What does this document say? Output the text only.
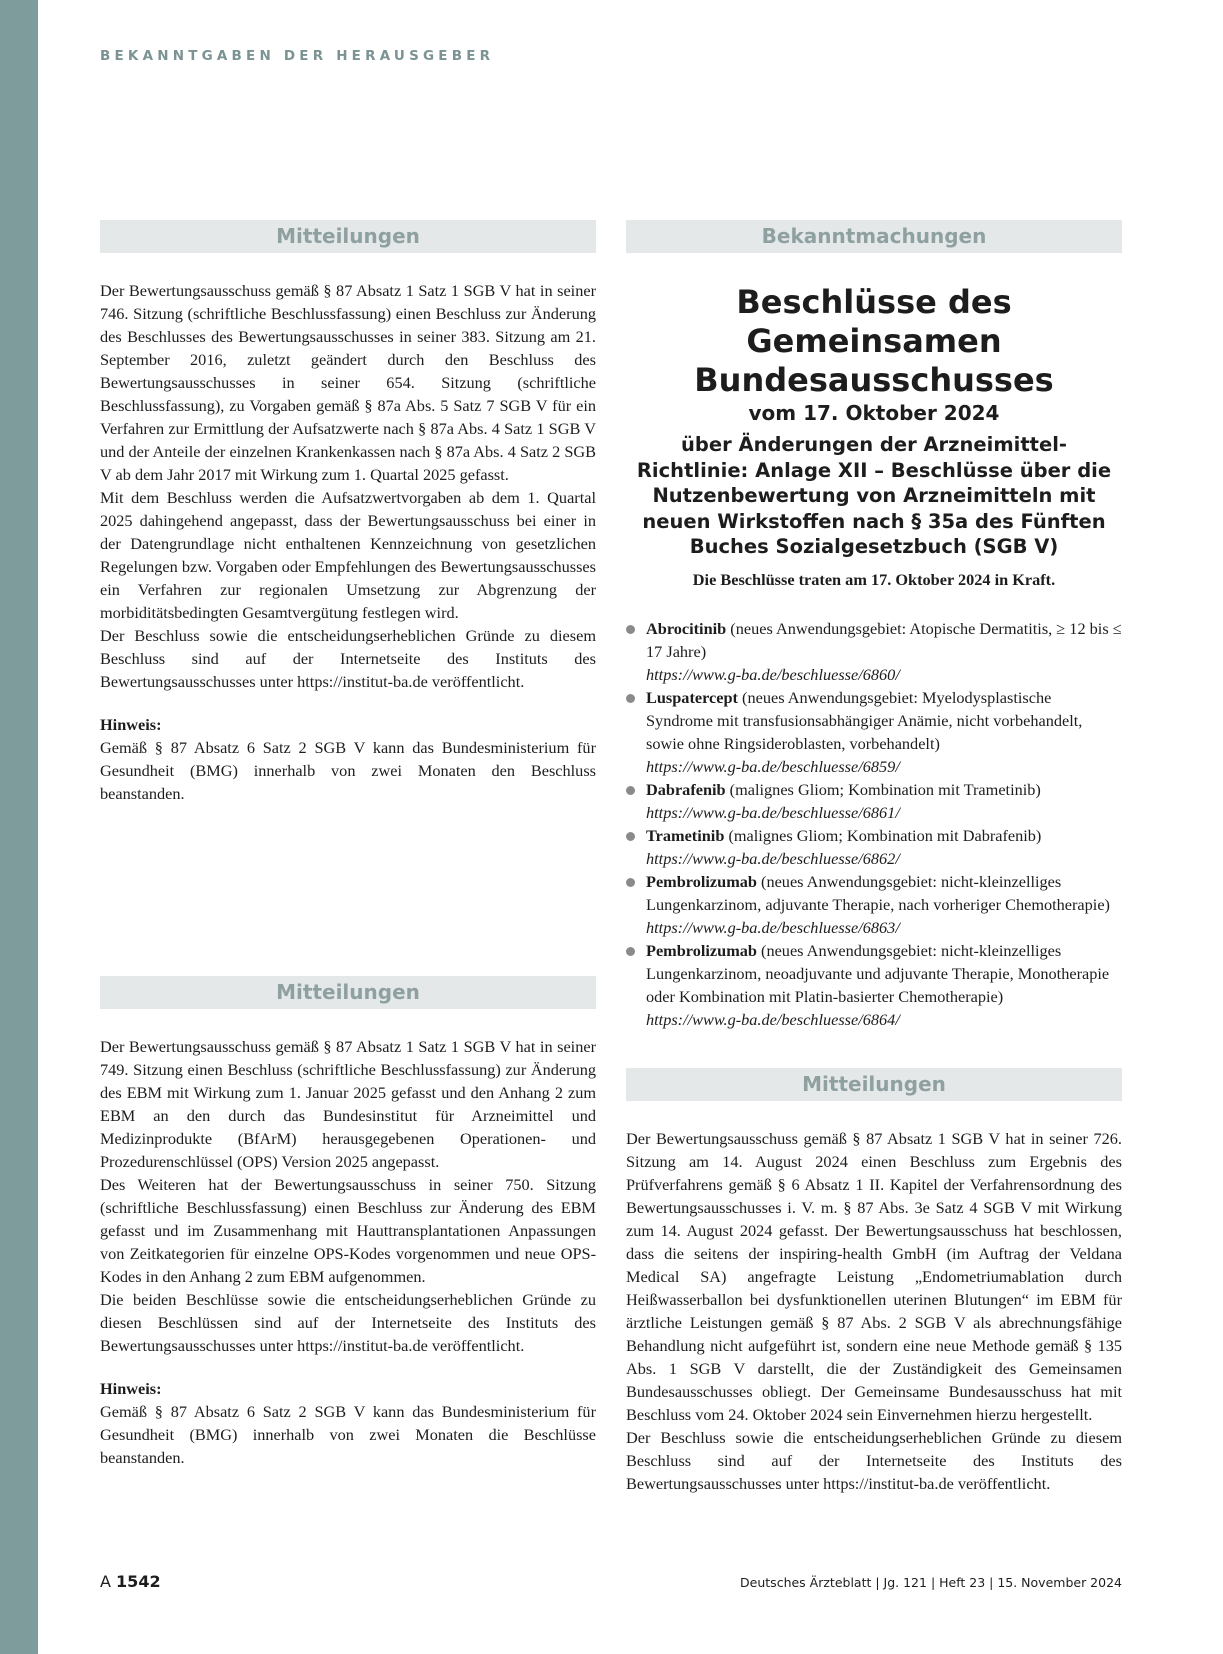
BEKANNTGABEN DER HERAUSGEBER
Mitteilungen

Der Bewertungsausschuss gemäß § 87 Absatz 1 Satz 1 SGB V hat in seiner 746. Sitzung (schriftliche Beschlussfassung) einen Beschluss zur Änderung des Beschlusses des Bewertungsausschusses in seiner 383. Sitzung am 21. September 2016, zuletzt geändert durch den Beschluss des Bewertungsausschusses in seiner 654. Sitzung (schriftliche Beschlussfassung), zu Vorgaben gemäß § 87a Abs. 5 Satz 7 SGB V für ein Verfahren zur Ermittlung der Aufsatzwerte nach § 87a Abs. 4 Satz 1 SGB V und der Anteile der einzelnen Krankenkassen nach § 87a Abs. 4 Satz 2 SGB V ab dem Jahr 2017 mit Wirkung zum 1. Quartal 2025 gefasst.

Mit dem Beschluss werden die Aufsatzwertvorgaben ab dem 1. Quartal 2025 dahingehend angepasst, dass der Bewertungsausschuss bei einer in der Datengrundlage nicht enthaltenen Kennzeichnung von gesetzlichen Regelungen bzw. Vorgaben oder Empfehlungen des Bewertungsausschusses ein Verfahren zur regionalen Umsetzung zur Abgrenzung der morbiditätsbedingten Gesamtvergütung festlegen wird.

Der Beschluss sowie die entscheidungserheblichen Gründe zu diesem Beschluss sind auf der Internetseite des Instituts des Bewertungsausschusses unter https://institut-ba.de veröffentlicht.

Hinweis:

Gemäß § 87 Absatz 6 Satz 2 SGB V kann das Bundesministerium für Gesundheit (BMG) innerhalb von zwei Monaten den Beschluss beanstanden.

Mitteilungen

Der Bewertungsausschuss gemäß § 87 Absatz 1 Satz 1 SGB V hat in seiner 749. Sitzung einen Beschluss (schriftliche Beschlussfassung) zur Änderung des EBM mit Wirkung zum 1. Januar 2025 gefasst und den Anhang 2 zum EBM an den durch das Bundesinstitut für Arzneimittel und Medizinprodukte (BfArM) herausgegebenen Operationen- und Prozedurenschlüssel (OPS) Version 2025 angepasst.

Des Weiteren hat der Bewertungsausschuss in seiner 750. Sitzung (schriftliche Beschlussfassung) einen Beschluss zur Änderung des EBM gefasst und im Zusammenhang mit Hauttransplantationen Anpassungen von Zeitkategorien für einzelne OPS-Kodes vorgenommen und neue OPS-Kodes in den Anhang 2 zum EBM aufgenommen.

Die beiden Beschlüsse sowie die entscheidungserheblichen Gründe zu diesen Beschlüssen sind auf der Internetseite des Instituts des Bewertungsausschusses unter https://institut-ba.de veröffentlicht.

Hinweis:

Gemäß § 87 Absatz 6 Satz 2 SGB V kann das Bundesministerium für Gesundheit (BMG) innerhalb von zwei Monaten die Beschlüsse beanstanden.

Bekanntmachungen

Beschlüsse des Gemeinsamen

Bundesausschusses

vom 17. Oktober 2024

über Änderungen der Arzneimittel-Richtlinie: Anlage XII – Beschlüsse über die Nutzenbewertung von Arzneimitteln mit neuen Wirkstoffen nach § 35a des Fünften Buches Sozialgesetzbuch (SGB V)

Die Beschlüsse traten am 17. Oktober 2024 in Kraft.

Abrocitinib (neues Anwendungsgebiet: Atopische Dermatitis, ≥ 12 bis ≤ 17 Jahre)
https://www.g-ba.de/beschluesse/6860/
Luspatercept (neues Anwendungsgebiet: Myelodysplastische Syndrome mit transfusionsabhängiger Anämie, nicht vorbehandelt, sowie ohne Ringsideroblasten, vorbehandelt)
https://www.g-ba.de/beschluesse/6859/
Dabrafenib (malignes Gliom; Kombination mit Trametinib)
https://www.g-ba.de/beschluesse/6861/
Trametinib (malignes Gliom; Kombination mit Dabrafenib)
https://www.g-ba.de/beschluesse/6862/
Pembrolizumab (neues Anwendungsgebiet: nicht-kleinzelliges Lungenkarzinom, adjuvante Therapie, nach vorheriger Chemotherapie)
https://www.g-ba.de/beschluesse/6863/
Pembrolizumab (neues Anwendungsgebiet: nicht-kleinzelliges Lungenkarzinom, neoadjuvante und adjuvante Therapie, Monotherapie oder Kombination mit Platin-basierter Chemotherapie)
https://www.g-ba.de/beschluesse/6864/
Mitteilungen

Der Bewertungsausschuss gemäß § 87 Absatz 1 SGB V hat in seiner 726. Sitzung am 14. August 2024 einen Beschluss zum Ergebnis des Prüfverfahrens gemäß § 6 Absatz 1 II. Kapitel der Verfahrensordnung des Bewertungsausschusses i. V. m. § 87 Abs. 3e Satz 4 SGB V mit Wirkung zum 14. August 2024 gefasst. Der Bewertungsausschuss hat beschlossen, dass die seitens der inspiring-health GmbH (im Auftrag der Veldana Medical SA) angefragte Leistung „Endometriumablation durch Heißwasserballon bei dysfunktionellen uterinen Blutungen“ im EBM für ärztliche Leistungen gemäß § 87 Abs. 2 SGB V als abrechnungsfähige Behandlung nicht aufgeführt ist, sondern eine neue Methode gemäß § 135 Abs. 1 SGB V darstellt, die der Zuständigkeit des Gemeinsamen Bundesausschusses obliegt. Der Gemeinsame Bundesausschuss hat mit Beschluss vom 24. Oktober 2024 sein Einvernehmen hierzu hergestellt.

Der Beschluss sowie die entscheidungserheblichen Gründe zu diesem Beschluss sind auf der Internetseite des Instituts des Bewertungsausschusses unter https://institut-ba.de veröffentlicht.

A 1542	Deutsches Ärzteblatt | Jg. 121 | Heft 23 | 15. November 2024
